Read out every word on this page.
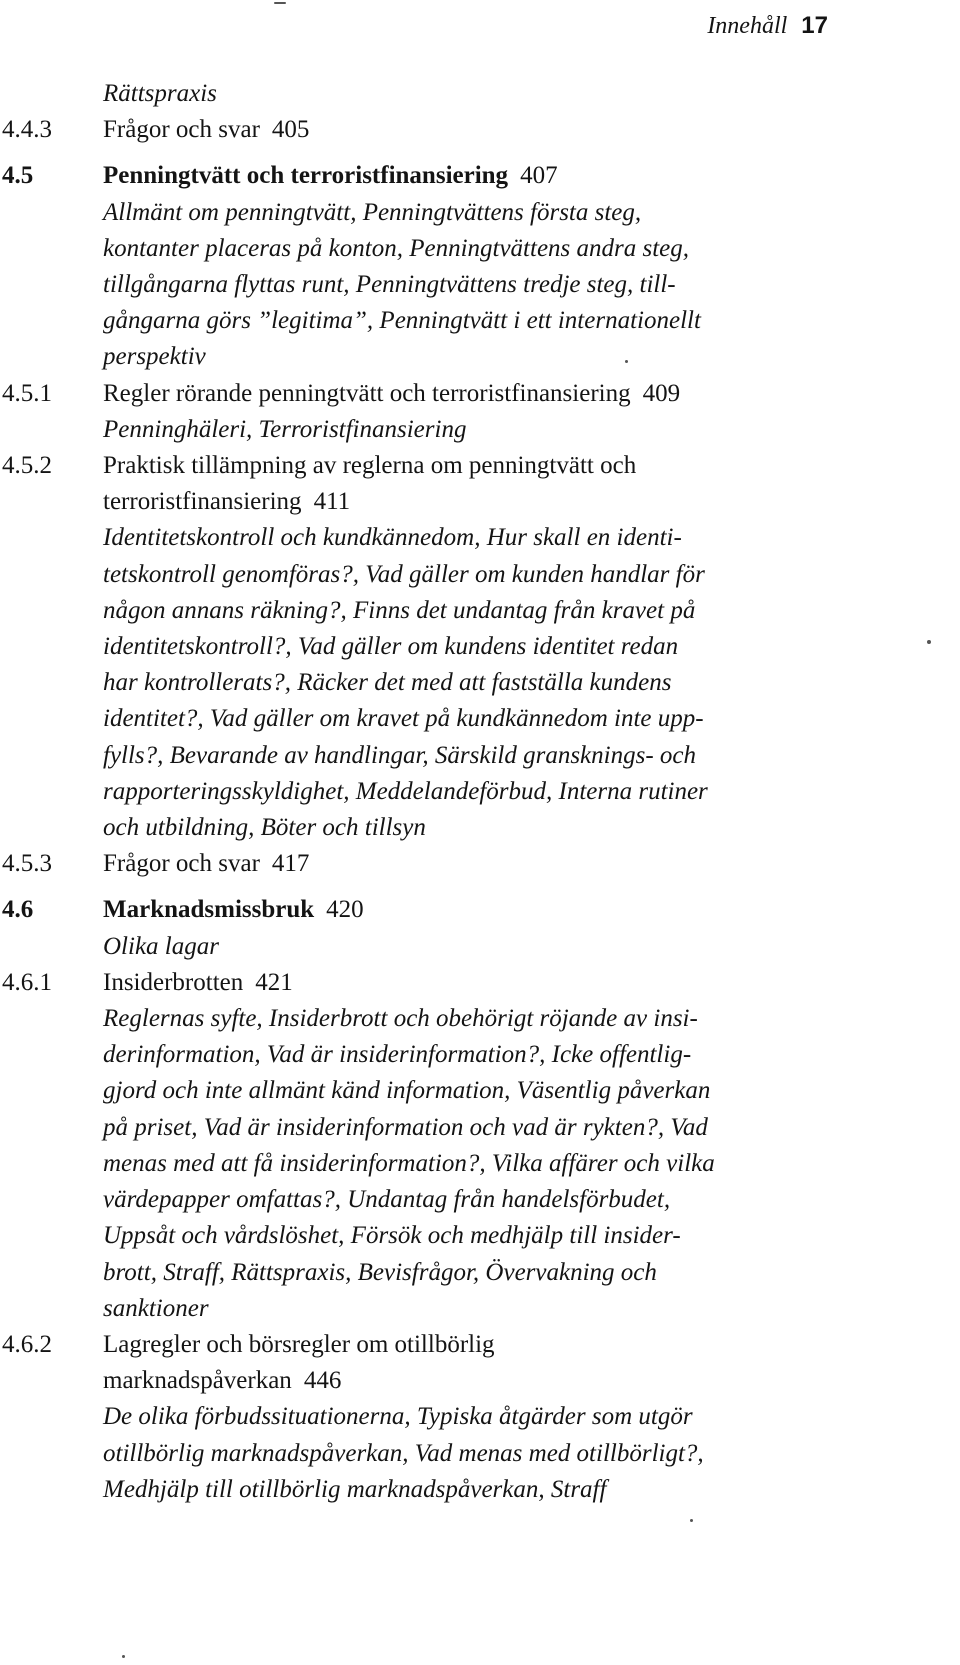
Innehåll 17
Rättspraxis
4.4.3 Frågor och svar 405
4.5	Penningtvätt och terroristfinansiering 407
Allmänt om penningtvätt, Penningtvättens första steg,
kontanter placeras på konton, Penningtvättens andra steg,
tillgångarna flyttas runt, Penningtvättens tredje steg, till-
gångarna görs ”legitima”, Penningtvätt i ett internationellt
perspektiv
4.5.1 Regler rörande penningtvätt och terroristfinansiering 409
Penninghäleri, Terroristfinansiering
4.5.2 Praktisk tillämpning av reglerna om penningtvätt och
terroristfinansiering 411
Identitetskontroll och kundkännedom, Hur skall en identi-
tetskontroll genomföras?, Vad gäller om kunden handlar för
någon annans räkning?, Finns det undantag från kravet på
identitetskontroll?, Vad gäller om kundens identitet redan
har kontrollerats?, Räcker det med att fastställa kundens
identitet?, Vad gäller om kravet på kundkännedom inte upp-
fylls?, Bevarande av handlingar, Särskild gransknings- och
rapporteringsskyldighet, Meddelandeförbud, Interna rutiner
och utbildning, Böter och tillsyn
4.5.3 Frågor och svar 417
4.6	Marknadsmissbruk 420
Olika lagar
4.6.1 Insiderbrotten 421
Reglernas syfte, Insiderbrott och obehörigt röjande av insi-
derinformation, Vad är insiderinformation?, Icke offentlig-
gjord och inte allmänt känd information, Väsentlig påverkan
på priset, Vad är insiderinformation och vad är rykten?, Vad
menas med att få insiderinformation?, Vilka affärer och vilka
värdepapper omfattas?, Undantag från handelsförbudet,
Uppsåt och vårdslöshet, Försök och medhjälp till insider-
brott, Straff, Rättspraxis, Bevisfrågor, Övervakning och
sanktioner
4.6.2 Lagregler och börsregler om otillbörlig
marknadspåverkan 446
De olika förbudssituationerna, Typiska åtgärder som utgör
otillbörlig marknadspåverkan, Vad menas med otillbörligt?,
Medhjälp till otillbörlig marknadspåverkan, Straff
